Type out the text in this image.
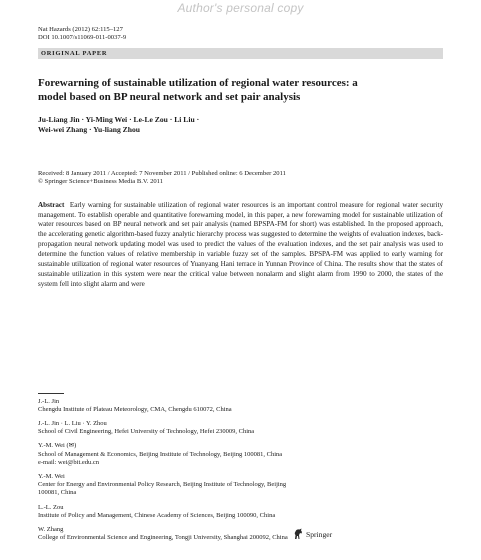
Author's personal copy
Nat Hazards (2012) 62:115–127
DOI 10.1007/s11069-011-0037-9
ORIGINAL PAPER
Forewarning of sustainable utilization of regional water resources: a model based on BP neural network and set pair analysis
Ju-Liang Jin · Yi-Ming Wei · Le-Le Zou · Li Liu ·
Wei-wei Zhang · Yu-liang Zhou
Received: 8 January 2011 / Accepted: 7 November 2011 / Published online: 6 December 2011
© Springer Science+Business Media B.V. 2011
Abstract Early warning for sustainable utilization of regional water resources is an important control measure for regional water security management. To establish operable and quantitative forewarning model, in this paper, a new forewarning model for sustainable utilization of water resources based on BP neural network and set pair analysis (named BPSPA-FM for short) was established. In the proposed approach, the accelerating genetic algorithm-based fuzzy analytic hierarchy process was suggested to determine the weights of evaluation indexes, back-propagation neural network updating model was used to predict the values of the evaluation indexes, and the set pair analysis was used to determine the function values of relative membership in variable fuzzy set of the samples. BPSPA-FM was applied to early warning for sustainable utilization of regional water resources of Yuanyang Hani terrace in Yunnan Province of China. The results show that the states of sustainable utilization in this system were near the critical value between nonalarm and slight alarm from 1990 to 2000, the states of the system fell into slight alarm and were
J.-L. Jin
Chengdu Institute of Plateau Meteorology, CMA, Chengdu 610072, China
J.-L. Jin · L. Liu · Y. Zhou
School of Civil Engineering, Hefei University of Technology, Hefei 230009, China
Y.-M. Wei (✉)
School of Management & Economics, Beijing Institute of Technology, Beijing 100081, China
e-mail: wei@bit.edu.cn
Y.-M. Wei
Center for Energy and Environmental Policy Research, Beijing Institute of Technology, Beijing
100081, China
L.-L. Zou
Institute of Policy and Management, Chinese Academy of Sciences, Beijing 100090, China
W. Zhang
College of Environmental Science and Engineering, Tongji University, Shanghai 200092, China	Springer
